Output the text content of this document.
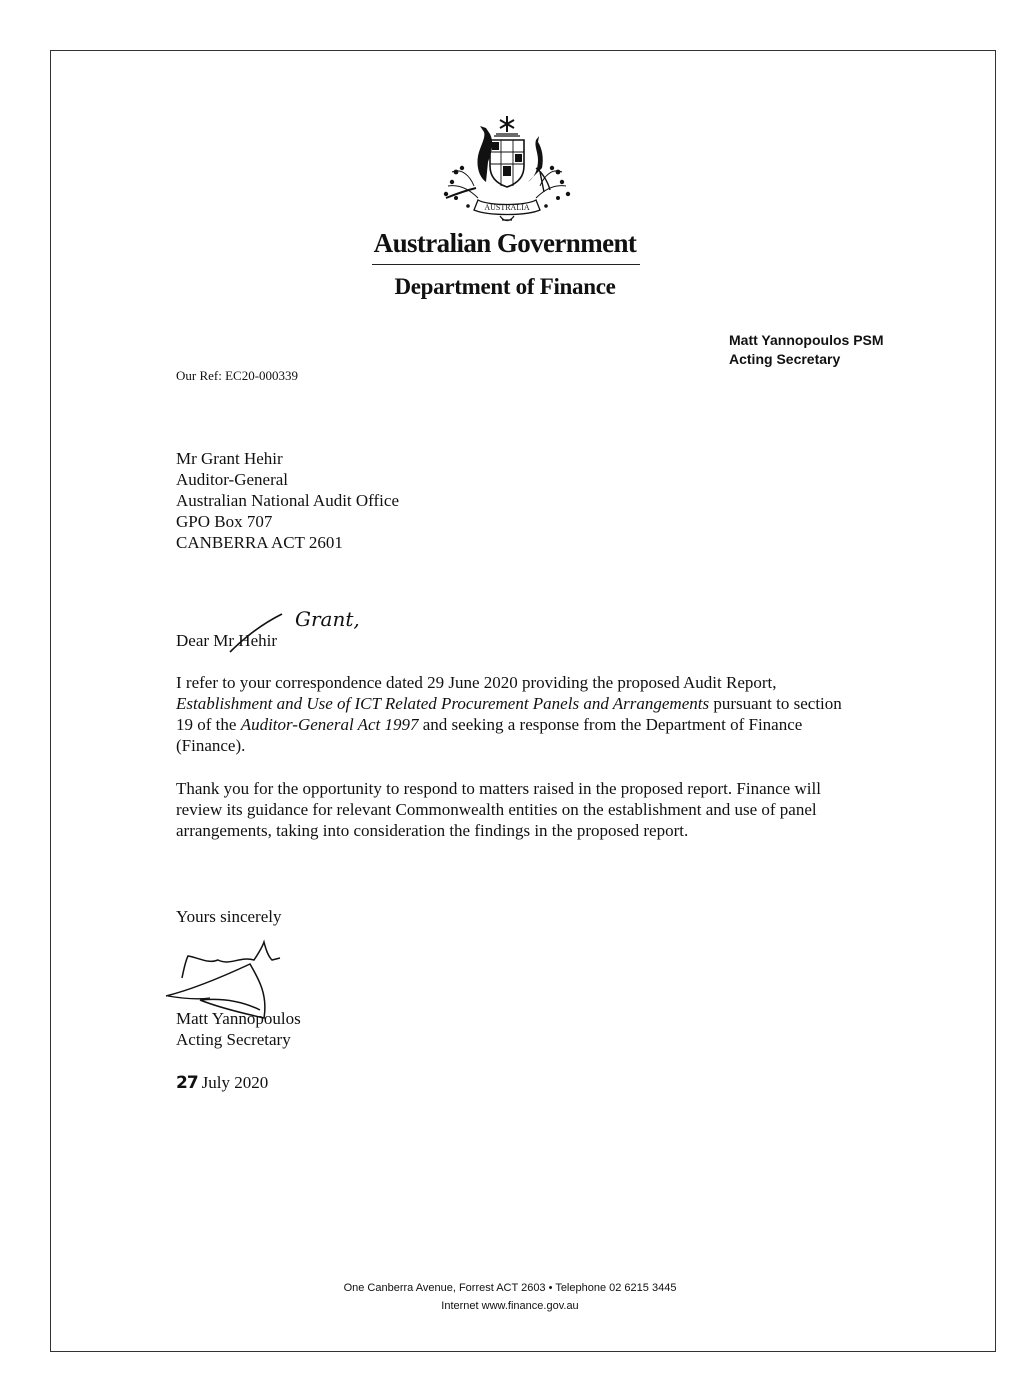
AUSTRALIA
Australian Government
Department of Finance
Matt Yannopoulos PSM
Acting Secretary
Our Ref: EC20-000339
Mr Grant Hehir
Auditor-General
Australian National Audit Office
GPO Box 707
CANBERRA ACT 2601
Dear Mr Hehir
Grant,
I refer to your correspondence dated 29 June 2020 providing the proposed Audit Report, Establishment and Use of ICT Related Procurement Panels and Arrangements pursuant to section 19 of the Auditor-General Act 1997 and seeking a response from the Department of Finance (Finance).
Thank you for the opportunity to respond to matters raised in the proposed report. Finance will review its guidance for relevant Commonwealth entities on the establishment and use of panel arrangements, taking into consideration the findings in the proposed report.
Yours sincerely
Matt Yannopoulos
Acting Secretary
27 July 2020
One Canberra Avenue, Forrest ACT 2603 • Telephone 02 6215 3445
Internet www.finance.gov.au
